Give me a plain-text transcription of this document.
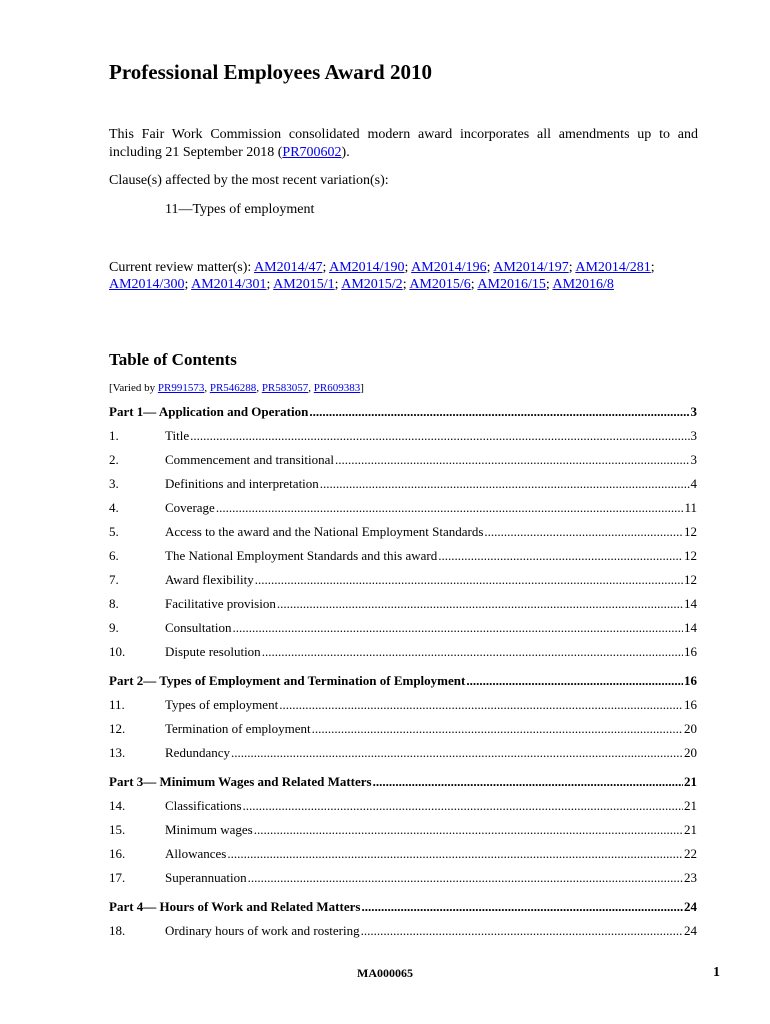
Professional Employees Award 2010
This Fair Work Commission consolidated modern award incorporates all amendments up to and including 21 September 2018 (PR700602).
Clause(s) affected by the most recent variation(s):
11—Types of employment
Current review matter(s): AM2014/47; AM2014/190; AM2014/196; AM2014/197; AM2014/281; AM2014/300; AM2014/301; AM2015/1; AM2015/2; AM2015/6; AM2016/15; AM2016/8
Table of Contents
[Varied by PR991573, PR546288, PR583057, PR609383]
Part 1— Application and Operation .....	3
1.	Title .....	3
2.	Commencement and transitional .....	3
3.	Definitions and interpretation .....	4
4.	Coverage .....	11
5.	Access to the award and the National Employment Standards .....	12
6.	The National Employment Standards and this award .....	12
7.	Award flexibility .....	12
8.	Facilitative provision .....	14
9.	Consultation .....	14
10.	Dispute resolution .....	16
Part 2— Types of Employment and Termination of Employment .....	16
11.	Types of employment .....	16
12.	Termination of employment .....	20
13.	Redundancy .....	20
Part 3— Minimum Wages and Related Matters .....	21
14.	Classifications .....	21
15.	Minimum wages .....	21
16.	Allowances .....	22
17.	Superannuation .....	23
Part 4— Hours of Work and Related Matters .....	24
18.	Ordinary hours of work and rostering .....	24
MA000065	1
